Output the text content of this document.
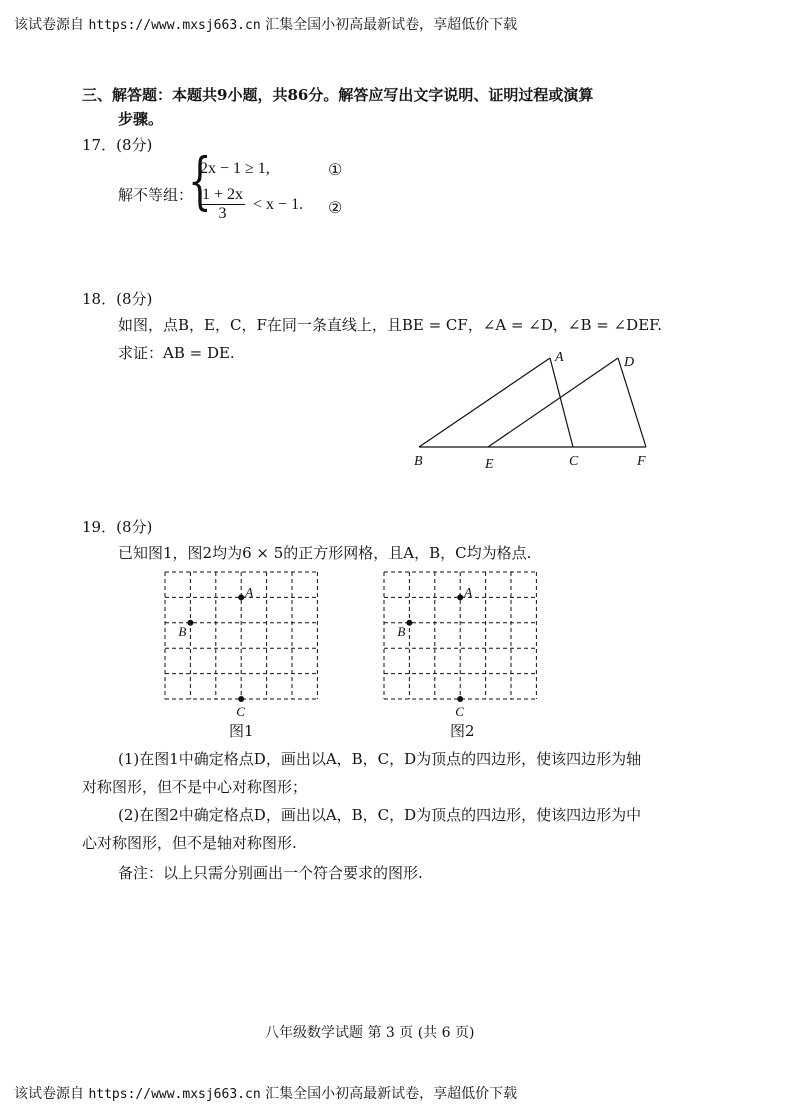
该试卷源自 https://www.mxsj663.cn 汇集全国小初高最新试卷，享超低价下载
三、解答题：本题共9小题，共86分。解答应写出文字说明、证明过程或演算
步骤。
17．(8分)
解不等组：
{
2x − 1 ≥ 1,	①
$\frac{1 + 2x}{3} < x - 1$. ②
18．(8分)
如图，点B，E，C，F在同一条直线上，且BE = CF，∠A = ∠D，∠B = ∠DEF.
求证：AB = DE.	A	D
B	E	C	F
19．(8分)
已知图1，图2均为6 × 5的正方形网格，且A，B，C均为格点.
A
B
C
A
B
C
图1	图2
(1)在图1中确定格点D，画出以A，B，C，D为顶点的四边形，使该四边形为轴
对称图形，但不是中心对称图形；
(2)在图2中确定格点D，画出以A，B，C，D为顶点的四边形，使该四边形为中
心对称图形，但不是轴对称图形.
备注：以上只需分别画出一个符合要求的图形.
八年级数学试题 第 3 页 (共 6 页)
该试卷源自 https://www.mxsj663.cn 汇集全国小初高最新试卷，享超低价下载
